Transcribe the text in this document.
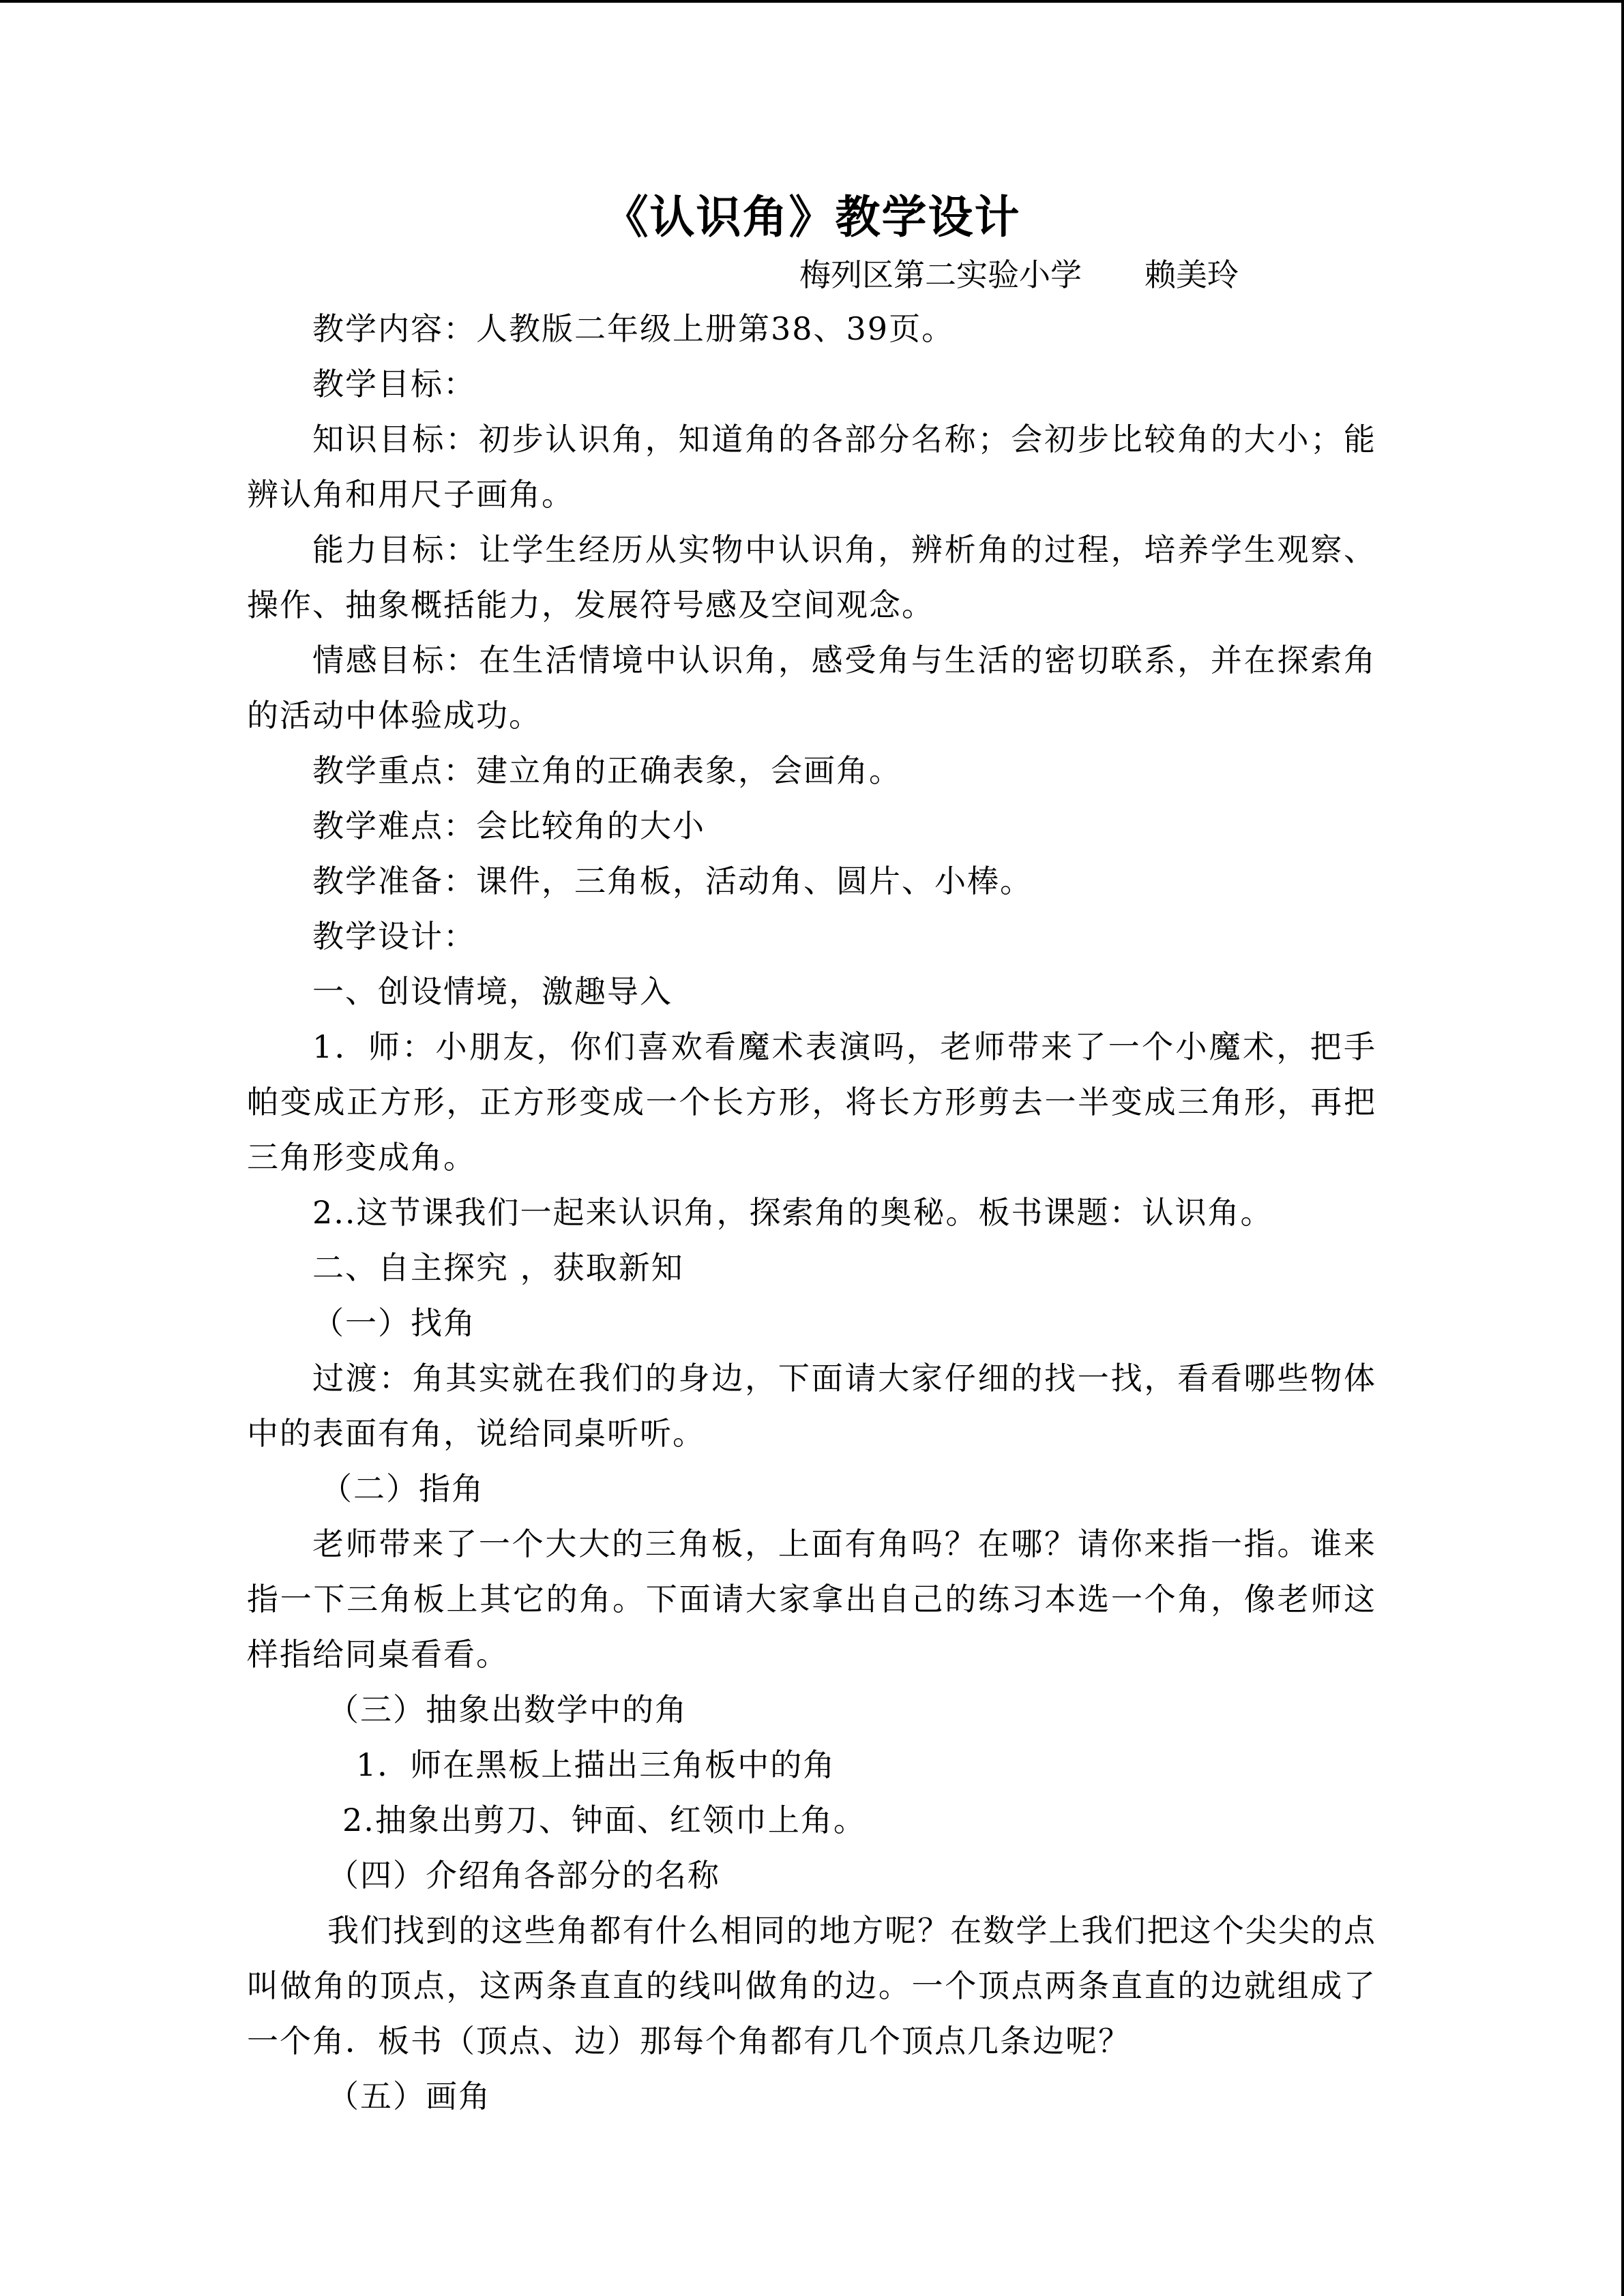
《认识角》教学设计
梅列区第二实验小学 赖美玲

教学内容：人教版二年级上册第38、39页。

教学目标：

知识目标：初步认识角，知道角的各部分名称；会初步比较角的大小；能辨认角和用尺子画角。

能力目标：让学生经历从实物中认识角，辨析角的过程，培养学生观察、操作、抽象概括能力，发展符号感及空间观念。

情感目标：在生活情境中认识角，感受角与生活的密切联系，并在探索角的活动中体验成功。

教学重点：建立角的正确表象，会画角。

教学难点：会比较角的大小

教学准备：课件，三角板，活动角、圆片、小棒。

教学设计：

一、创设情境，激趣导入

1．师：小朋友，你们喜欢看魔术表演吗，老师带来了一个小魔术，把手帕变成正方形，正方形变成一个长方形，将长方形剪去一半变成三角形，再把三角形变成角。

2..这节课我们一起来认识角，探索角的奥秘。板书课题：认识角。

二、自主探究 ，获取新知

（一）找角

过渡：角其实就在我们的身边，下面请大家仔细的找一找，看看哪些物体中的表面有角，说给同桌听听。

（二）指角

老师带来了一个大大的三角板，上面有角吗？在哪？请你来指一指。谁来指一下三角板上其它的角。下面请大家拿出自己的练习本选一个角，像老师这样指给同桌看看。

（三）抽象出数学中的角

1．师在黑板上描出三角板中的角

2.抽象出剪刀、钟面、红领巾上角。

（四）介绍角各部分的名称

我们找到的这些角都有什么相同的地方呢？在数学上我们把这个尖尖的点叫做角的顶点，这两条直直的线叫做角的边。一个顶点两条直直的边就组成了一个角．板书（顶点、边）那每个角都有几个顶点几条边呢？

（五）画角
